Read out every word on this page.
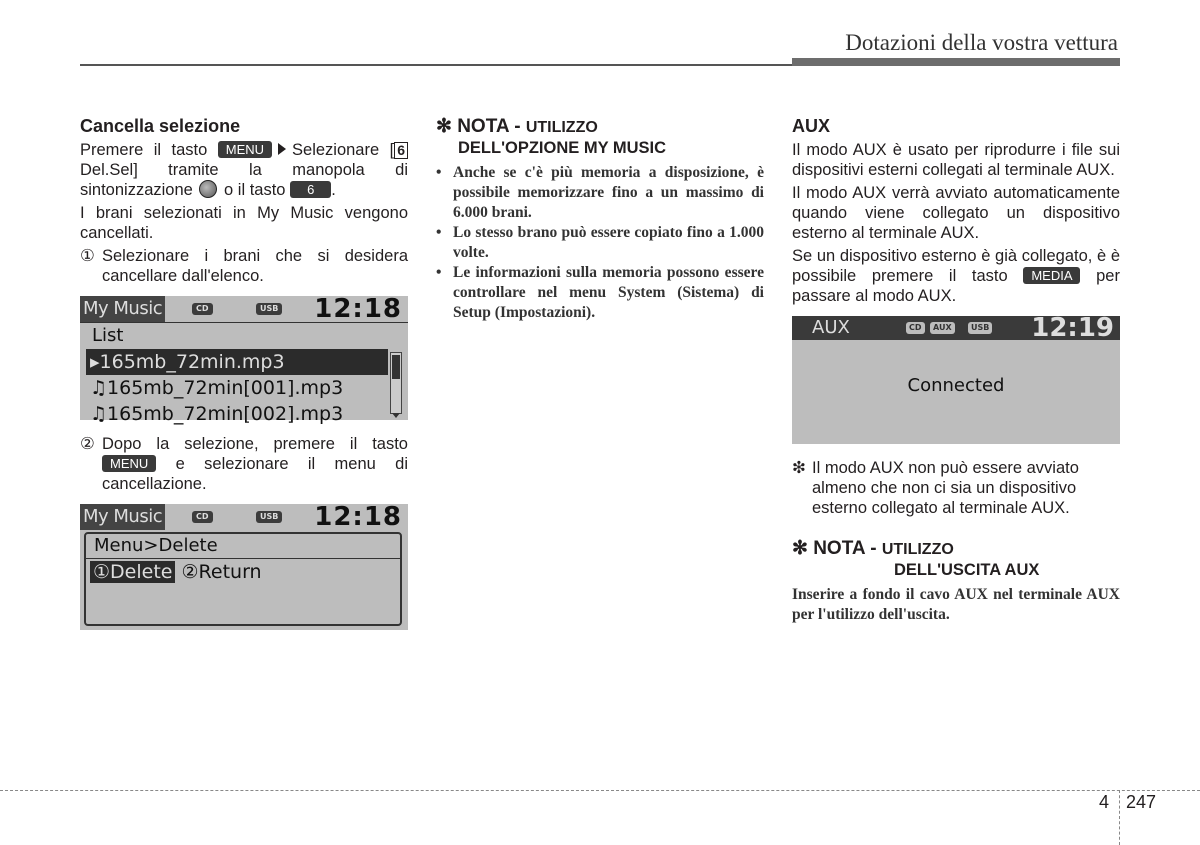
Dotazioni della vostra vettura
Cancella selezione

Premere il tasto MENU Selezionare [ 6Del.Sel] tramite la manopola di sintonizzazione o il tasto 6 .

I brani selezionati in My Music vengono cancellati.

① Selezionare i brani che si desidera cancellare dall'elenco.
My Music	CD	USB 12:18
List
▸165mb_72min.mp3
♫165mb_72min[001].mp3
♫165mb_72min[002].mp3
② Dopo la selezione, premere il tasto MENU e selezionare il menu di cancellazione.
My Music	CD	USB 12:18
Menu>Delete
①Delete ②Return
✻ NOTA - UTILIZZO
DELL'OPZIONE MY MUSIC
• Anche se c'è più memoria a disposizione, è possibile memorizzare fino a un massimo di 6.000 brani.
• Lo stesso brano può essere copiato fino a 1.000 volte.
• Le informazioni sulla memoria possono essere controllare nel menu System (Sistema) di Setup (Impostazioni).
AUX

Il modo AUX è usato per riprodurre i file sui dispositivi esterni collegati al terminale AUX.

Il modo AUX verrà avviato automaticamente quando viene collegato un dispositivo esterno al terminale AUX.

Se un dispositivo esterno è già collegato, è è possibile premere il tasto MEDIA per passare al modo AUX.

AUX	CD	AUX	USB 12:19
Connected
❇ Il modo AUX non può essere avviato almeno che non ci sia un dispositivo esterno collegato al terminale AUX.
✻ NOTA - UTILIZZO
DELL'USCITA AUX
Inserire a fondo il cavo AUX nel terminale AUX per l'utilizzo dell'uscita.
4 247
